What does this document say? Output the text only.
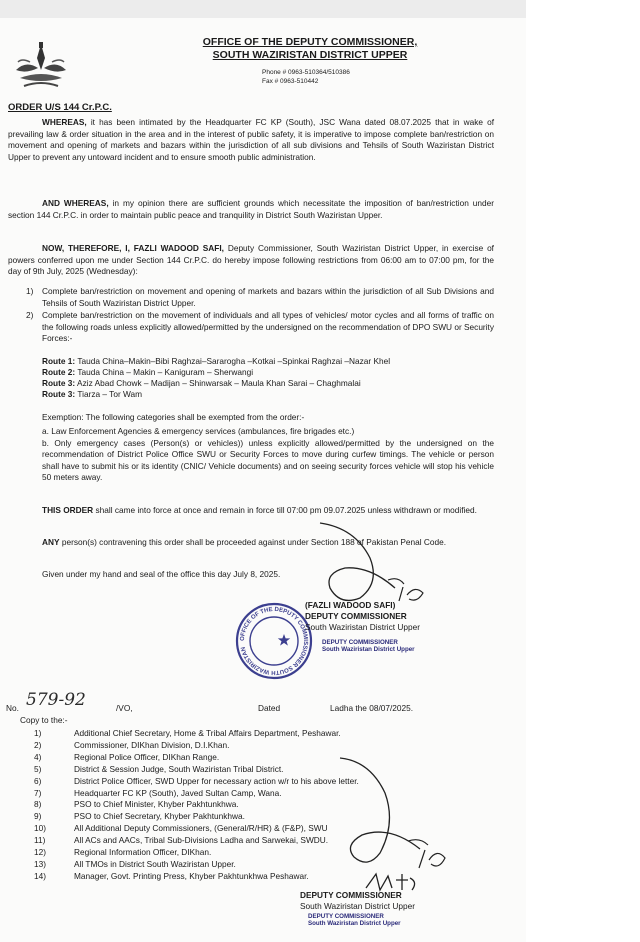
OFFICE OF THE DEPUTY COMMISSIONER,
SOUTH WAZIRISTAN DISTRICT UPPER
Phone # 0963-510364/510386
Fax # 0963-510442
ORDER U/S 144 Cr.P.C.
WHEREAS, it has been intimated by the Headquarter FC KP (South), JSC Wana dated 08.07.2025 that in wake of prevailing law & order situation in the area and in the interest of public safety, it is imperative to impose complete ban/restriction on movement and opening of markets and bazars within the jurisdiction of all sub divisions and Tehsils of South Waziristan District Upper to prevent any untoward incident and to ensure smooth public administration.
AND WHEREAS, in my opinion there are sufficient grounds which necessitate the imposition of ban/restriction under section 144 Cr.P.C. in order to maintain public peace and tranquility in District South Waziristan Upper.
NOW, THEREFORE, I, FAZLI WADOOD SAFI, Deputy Commissioner, South Waziristan District Upper, in exercise of powers conferred upon me under Section 144 Cr.P.C. do hereby impose following restrictions from 06:00 am to 07:00 pm, for the day of 9th July, 2025 (Wednesday):
1) Complete ban/restriction on movement and opening of markets and bazars within the jurisdiction of all Sub Divisions and Tehsils of South Waziristan District Upper.
2) Complete ban/restriction on the movement of individuals and all types of vehicles/ motor cycles and all forms of traffic on the following roads unless explicitly allowed/permitted by the undersigned on the recommendation of DPO SWU or Security Forces:-
Route 1: Tauda China–Makin–Bibi Raghzai–Sararogha –Kotkai –Spinkai Raghzai –Nazar Khel
Route 2: Tauda China – Makin – Kaniguram – Sherwangi
Route 3: Aziz Abad Chowk – Madijan – Shinwarsak – Maula Khan Sarai – Chaghmalai
Route 3: Tiarza – Tor Wam
Exemption: The following categories shall be exempted from the order:-
a. Law Enforcement Agencies & emergency services (ambulances, fire brigades etc.)
b. Only emergency cases (Person(s) or vehicles)) unless explicitly allowed/permitted by the undersigned on the recommendation of District Police Office SWU or Security Forces to move during curfew timings. The vehicle or person shall have to submit his or its identity (CNIC/ Vehicle documents) and on seeing security forces vehicle will stop his vehicle 50 meters away.
THIS ORDER shall came into force at once and remain in force till 07:00 pm 09.07.2025 unless withdrawn or modified.
ANY person(s) contravening this order shall be proceeded against under Section 188 of Pakistan Penal Code.
Given under my hand and seal of the office this day July 8, 2025.
OFFICE OF THE DEPUTY COMMISSIONER SOUTH WAZIRISTAN
(FAZLI WADOOD SAFI)
DEPUTY COMMISSIONER
South Waziristan District Upper
DEPUTY COMMISSIONER
South Waziristan District Upper
No. 579-92	/VO,	Dated	Ladha the 08/07/2025.
Copy to the:-
1)	Additional Chief Secretary, Home & Tribal Affairs Department, Peshawar.
2)	Commissioner, DIKhan Division, D.I.Khan.
4)	Regional Police Officer, DIKhan Range.
5)	District & Session Judge, South Waziristan Tribal District.
6)	District Police Officer, SWD Upper for necessary action w/r to his above letter.
7)	Headquarter FC KP (South), Javed Sultan Camp, Wana.
8)	PSO to Chief Minister, Khyber Pakhtunkhwa.
9)	PSO to Chief Secretary, Khyber Pakhtunkhwa.
10)	All Additional Deputy Commissioners, (General/R/HR) & (F&P), SWU
11)	All ACs and AACs, Tribal Sub-Divisions Ladha and Sarwekai, SWDU.
12)	Regional Information Officer, DIKhan.
13)	All TMOs in District South Waziristan Upper.
14)	Manager, Govt. Printing Press, Khyber Pakhtunkhwa Peshawar.
DEPUTY COMMISSIONER
South Waziristan District Upper
DEPUTY COMMISSIONER
South Waziristan District Upper
